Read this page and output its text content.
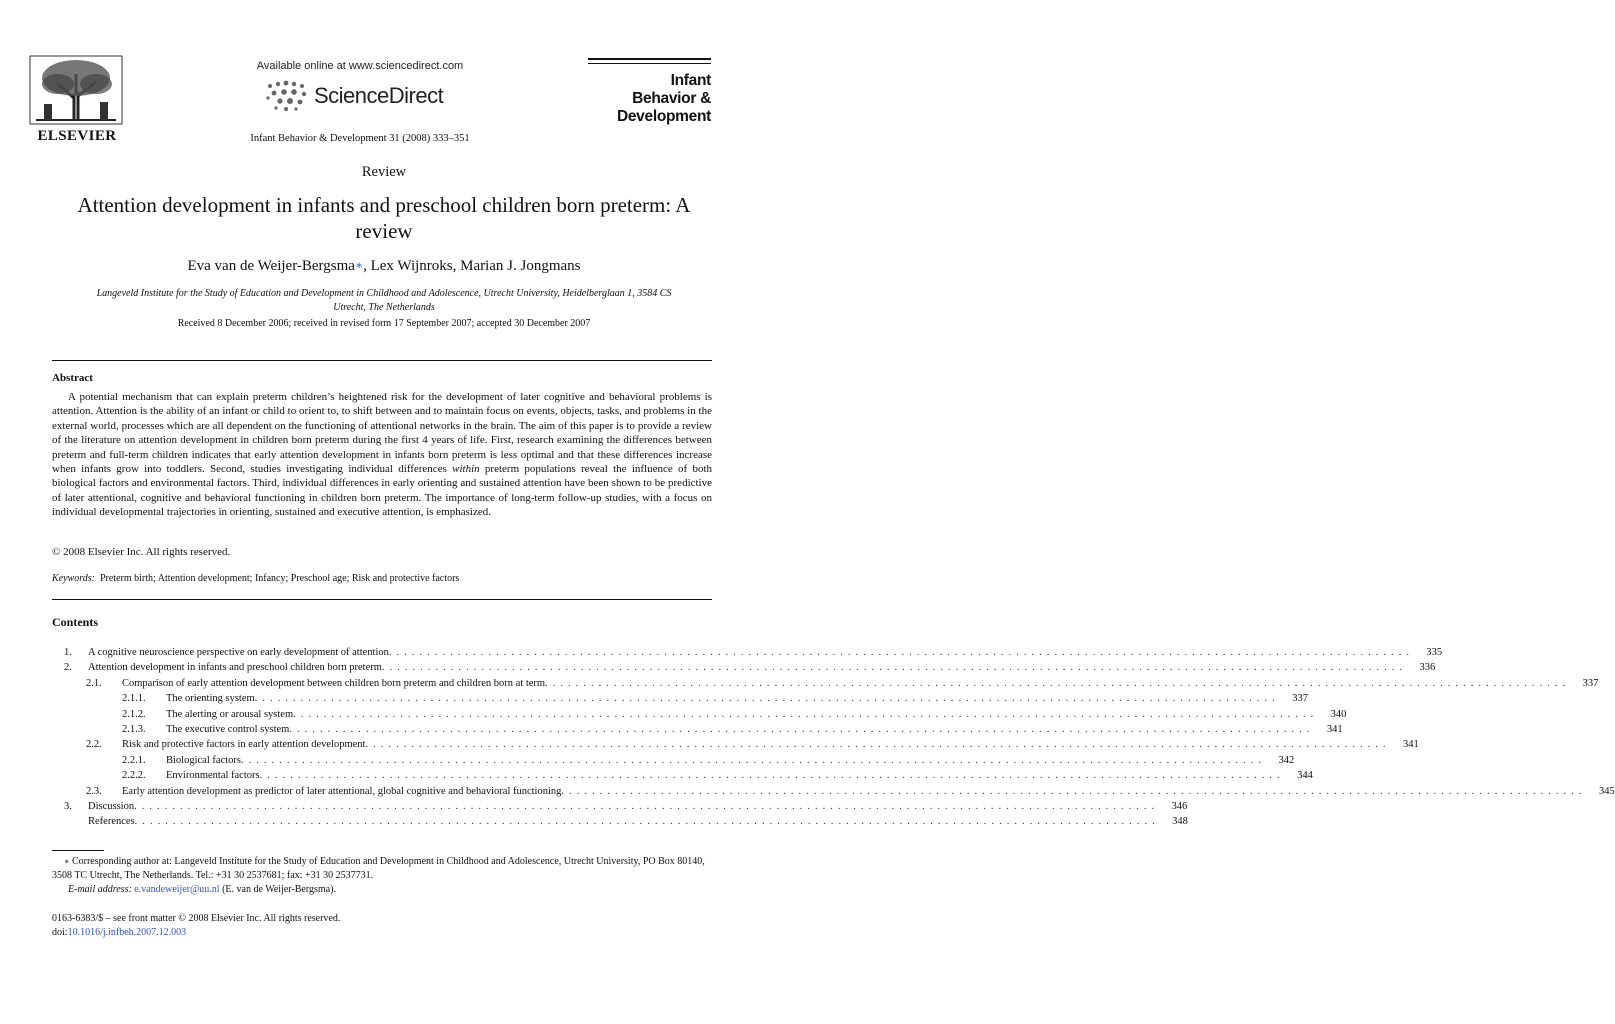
ELSEVIER
Available online at www.sciencedirect.com
ScienceDirect
Infant Behavior & Development 31 (2008) 333–351
Infant
Behavior &
Development
Review
Attention development in infants and preschool children born preterm: A review
Eva van de Weijer-Bergsma∗, Lex Wijnroks, Marian J. Jongmans
Langeveld Institute for the Study of Education and Development in Childhood and Adolescence, Utrecht University, Heidelberglaan 1, 3584 CS Utrecht, The Netherlands
Received 8 December 2006; received in revised form 17 September 2007; accepted 30 December 2007
Abstract
A potential mechanism that can explain preterm children’s heightened risk for the development of later cognitive and behavioral problems is attention. Attention is the ability of an infant or child to orient to, to shift between and to maintain focus on events, objects, tasks, and problems in the external world, processes which are all dependent on the functioning of attentional networks in the brain. The aim of this paper is to provide a review of the literature on attention development in children born preterm during the first 4 years of life. First, research examining the differences between preterm and full-term children indicates that early attention development in infants born preterm is less optimal and that these differences increase when infants grow into toddlers. Second, studies investigating individual differences within preterm populations reveal the influence of both biological factors and environmental factors. Third, individual differences in early orienting and sustained attention have been shown to be predictive of later attentional, cognitive and behavioral functioning in children born preterm. The importance of long-term follow-up studies, with a focus on individual developmental trajectories in orienting, sustained and executive attention, is emphasized.
© 2008 Elsevier Inc. All rights reserved.
Keywords: Preterm birth; Attention development; Infancy; Preschool age; Risk and protective factors
Contents
1.	A cognitive neuroscience perspective on early development of attention . . .	335
2.	Attention development in infants and preschool children born preterm . . .	336
2.1.	Comparison of early attention development between children born preterm and children born at term . . .	337
2.1.1.	The orienting system . . .	337
2.1.2.	The alerting or arousal system . . .	340
2.1.3.	The executive control system . . .	341
2.2.	Risk and protective factors in early attention development . . .	341
2.2.1.	Biological factors . . .	342
2.2.2.	Environmental factors . . .	344
2.3.	Early attention development as predictor of later attentional, global cognitive and behavioral functioning . . .	345
3.	Discussion . . .	346
References . . .	348
∗ Corresponding author at: Langeveld Institute for the Study of Education and Development in Childhood and Adolescence, Utrecht University, PO Box 80140, 3508 TC Utrecht, The Netherlands. Tel.: +31 30 2537681; fax: +31 30 2537731.
E-mail address: e.vandeweijer@uu.nl (E. van de Weijer-Bergsma).
0163-6383/$ – see front matter © 2008 Elsevier Inc. All rights reserved.
doi:10.1016/j.infbeh.2007.12.003
